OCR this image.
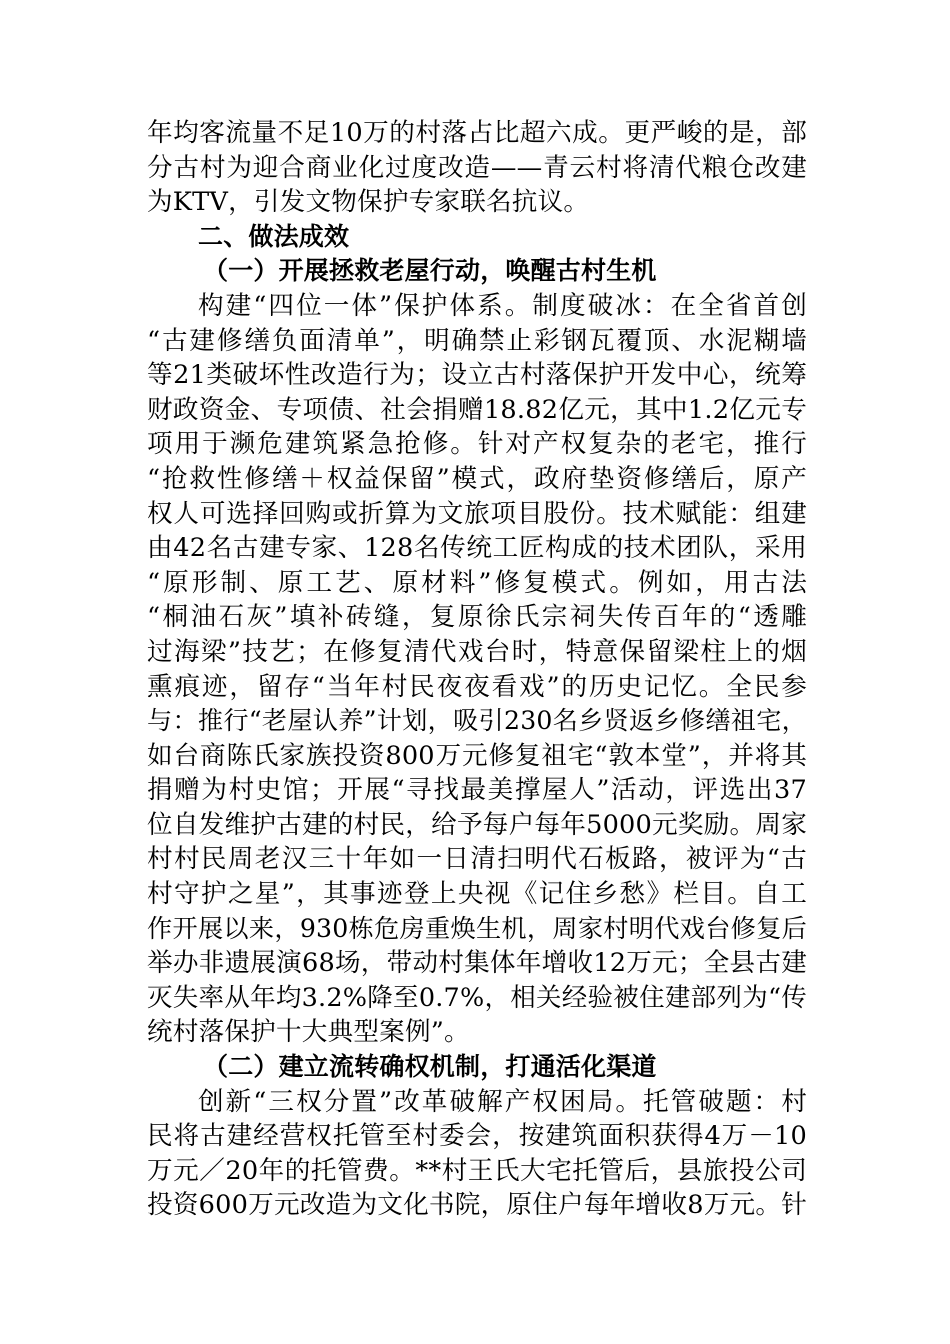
年均客流量不足10万的村落占比超六成。更严峻的是，部
分古村为迎合商业化过度改造——青云村将清代粮仓改建
为KTV，引发文物保护专家联名抗议。
二、做法成效
（一）开展拯救老屋行动，唤醒古村生机
构建“四位一体”保护体系。制度破冰：在全省首创
“古建修缮负面清单”，明确禁止彩钢瓦覆顶、水泥糊墙
等21类破坏性改造行为；设立古村落保护开发中心，统筹
财政资金、专项债、社会捐赠18.82亿元，其中1.2亿元专
项用于濒危建筑紧急抢修。针对产权复杂的老宅，推行
“抢救性修缮＋权益保留”模式，政府垫资修缮后，原产
权人可选择回购或折算为文旅项目股份。技术赋能：组建
由42名古建专家、128名传统工匠构成的技术团队，采用
“原形制、原工艺、原材料”修复模式。例如，用古法
“桐油石灰”填补砖缝，复原徐氏宗祠失传百年的“透雕
过海梁”技艺；在修复清代戏台时，特意保留梁柱上的烟
熏痕迹，留存“当年村民夜夜看戏”的历史记忆。全民参
与：推行“老屋认养”计划，吸引230名乡贤返乡修缮祖宅，
如台商陈氏家族投资800万元修复祖宅“敦本堂”，并将其
捐赠为村史馆；开展“寻找最美撑屋人”活动，评选出37
位自发维护古建的村民，给予每户每年5000元奖励。周家
村村民周老汉三十年如一日清扫明代石板路，被评为“古
村守护之星”，其事迹登上央视《记住乡愁》栏目。自工
作开展以来，930栋危房重焕生机，周家村明代戏台修复后
举办非遗展演68场，带动村集体年增收12万元；全县古建
灭失率从年均3.2%降至0.7%，相关经验被住建部列为“传
统村落保护十大典型案例”。
（二）建立流转确权机制，打通活化渠道
创新“三权分置”改革破解产权困局。托管破题：村
民将古建经营权托管至村委会，按建筑面积获得4万－10
万元／20年的托管费。**村王氏大宅托管后，县旅投公司
投资600万元改造为文化书院，原住户每年增收8万元。针
